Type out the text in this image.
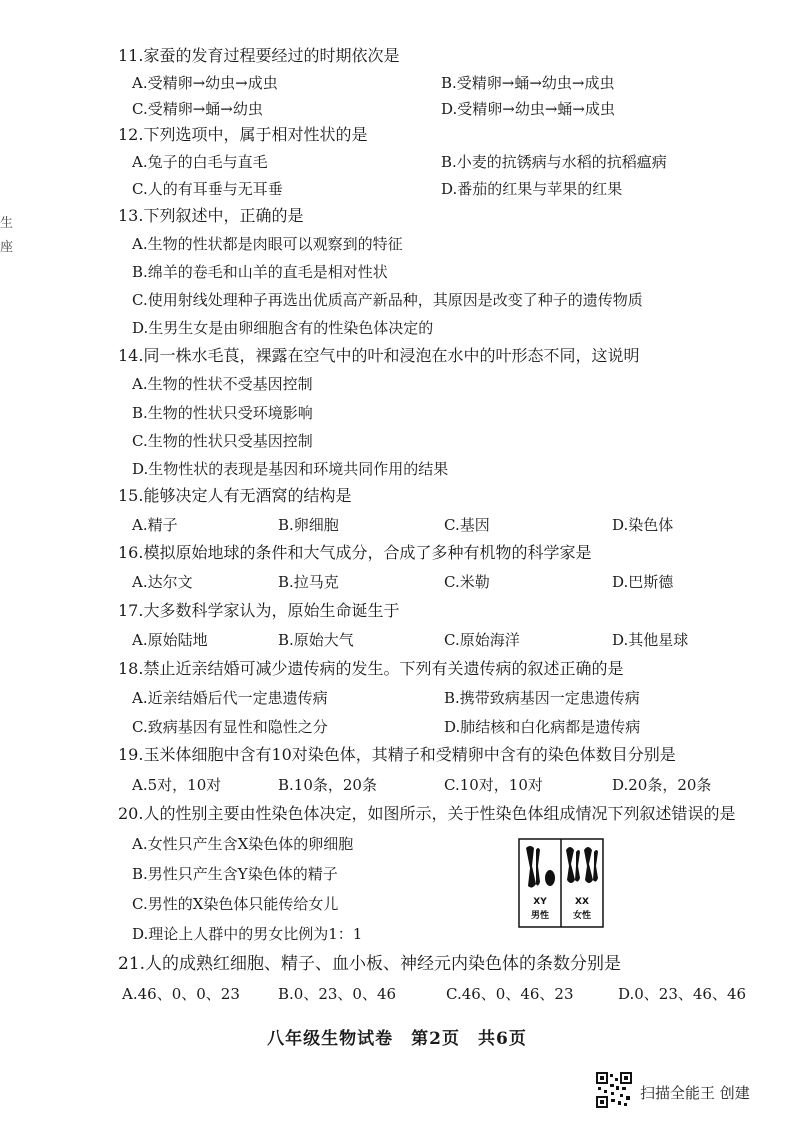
生
座
11.家蚕的发育过程要经过的时期依次是
A.受精卵→幼虫→成虫	B.受精卵→蛹→幼虫→成虫
C.受精卵→蛹→幼虫	D.受精卵→幼虫→蛹→成虫
12.下列选项中，属于相对性状的是
A.兔子的白毛与直毛	B.小麦的抗锈病与水稻的抗稻瘟病
C.人的有耳垂与无耳垂	D.番茄的红果与苹果的红果
13.下列叙述中，正确的是
A.生物的性状都是肉眼可以观察到的特征
B.绵羊的卷毛和山羊的直毛是相对性状
C.使用射线处理种子再选出优质高产新品种，其原因是改变了种子的遗传物质
D.生男生女是由卵细胞含有的性染色体决定的
14.同一株水毛茛，裸露在空气中的叶和浸泡在水中的叶形态不同，这说明
A.生物的性状不受基因控制
B.生物的性状只受环境影响
C.生物的性状只受基因控制
D.生物性状的表现是基因和环境共同作用的结果
15.能够决定人有无酒窝的结构是
A.精子	B.卵细胞	C.基因	D.染色体
16.模拟原始地球的条件和大气成分，合成了多种有机物的科学家是
A.达尔文	B.拉马克	C.米勒	D.巴斯德
17.大多数科学家认为，原始生命诞生于
A.原始陆地	B.原始大气	C.原始海洋	D.其他星球
18.禁止近亲结婚可减少遗传病的发生。下列有关遗传病的叙述正确的是
A.近亲结婚后代一定患遗传病	B.携带致病基因一定患遗传病
C.致病基因有显性和隐性之分	D.肺结核和白化病都是遗传病
19.玉米体细胞中含有10对染色体，其精子和受精卵中含有的染色体数目分别是
A.5对，10对	B.10条，20条	C.10对，10对	D.20条，20条
20.人的性别主要由性染色体决定，如图所示，关于性染色体组成情况下列叙述错误的是
A.女性只产生含X染色体的卵细胞
B.男性只产生含Y染色体的精子
C.男性的X染色体只能传给女儿
D.理论上人群中的男女比例为1：1
XY
男性
XX
女性
21.人的成熟红细胞、精子、血小板、神经元内染色体的条数分别是
A.46、0、0、23	B.0、23、0、46	C.46、0、46、23	D.0、23、46、46
八年级生物试卷　第2页　共6页
扫描全能王 创建
